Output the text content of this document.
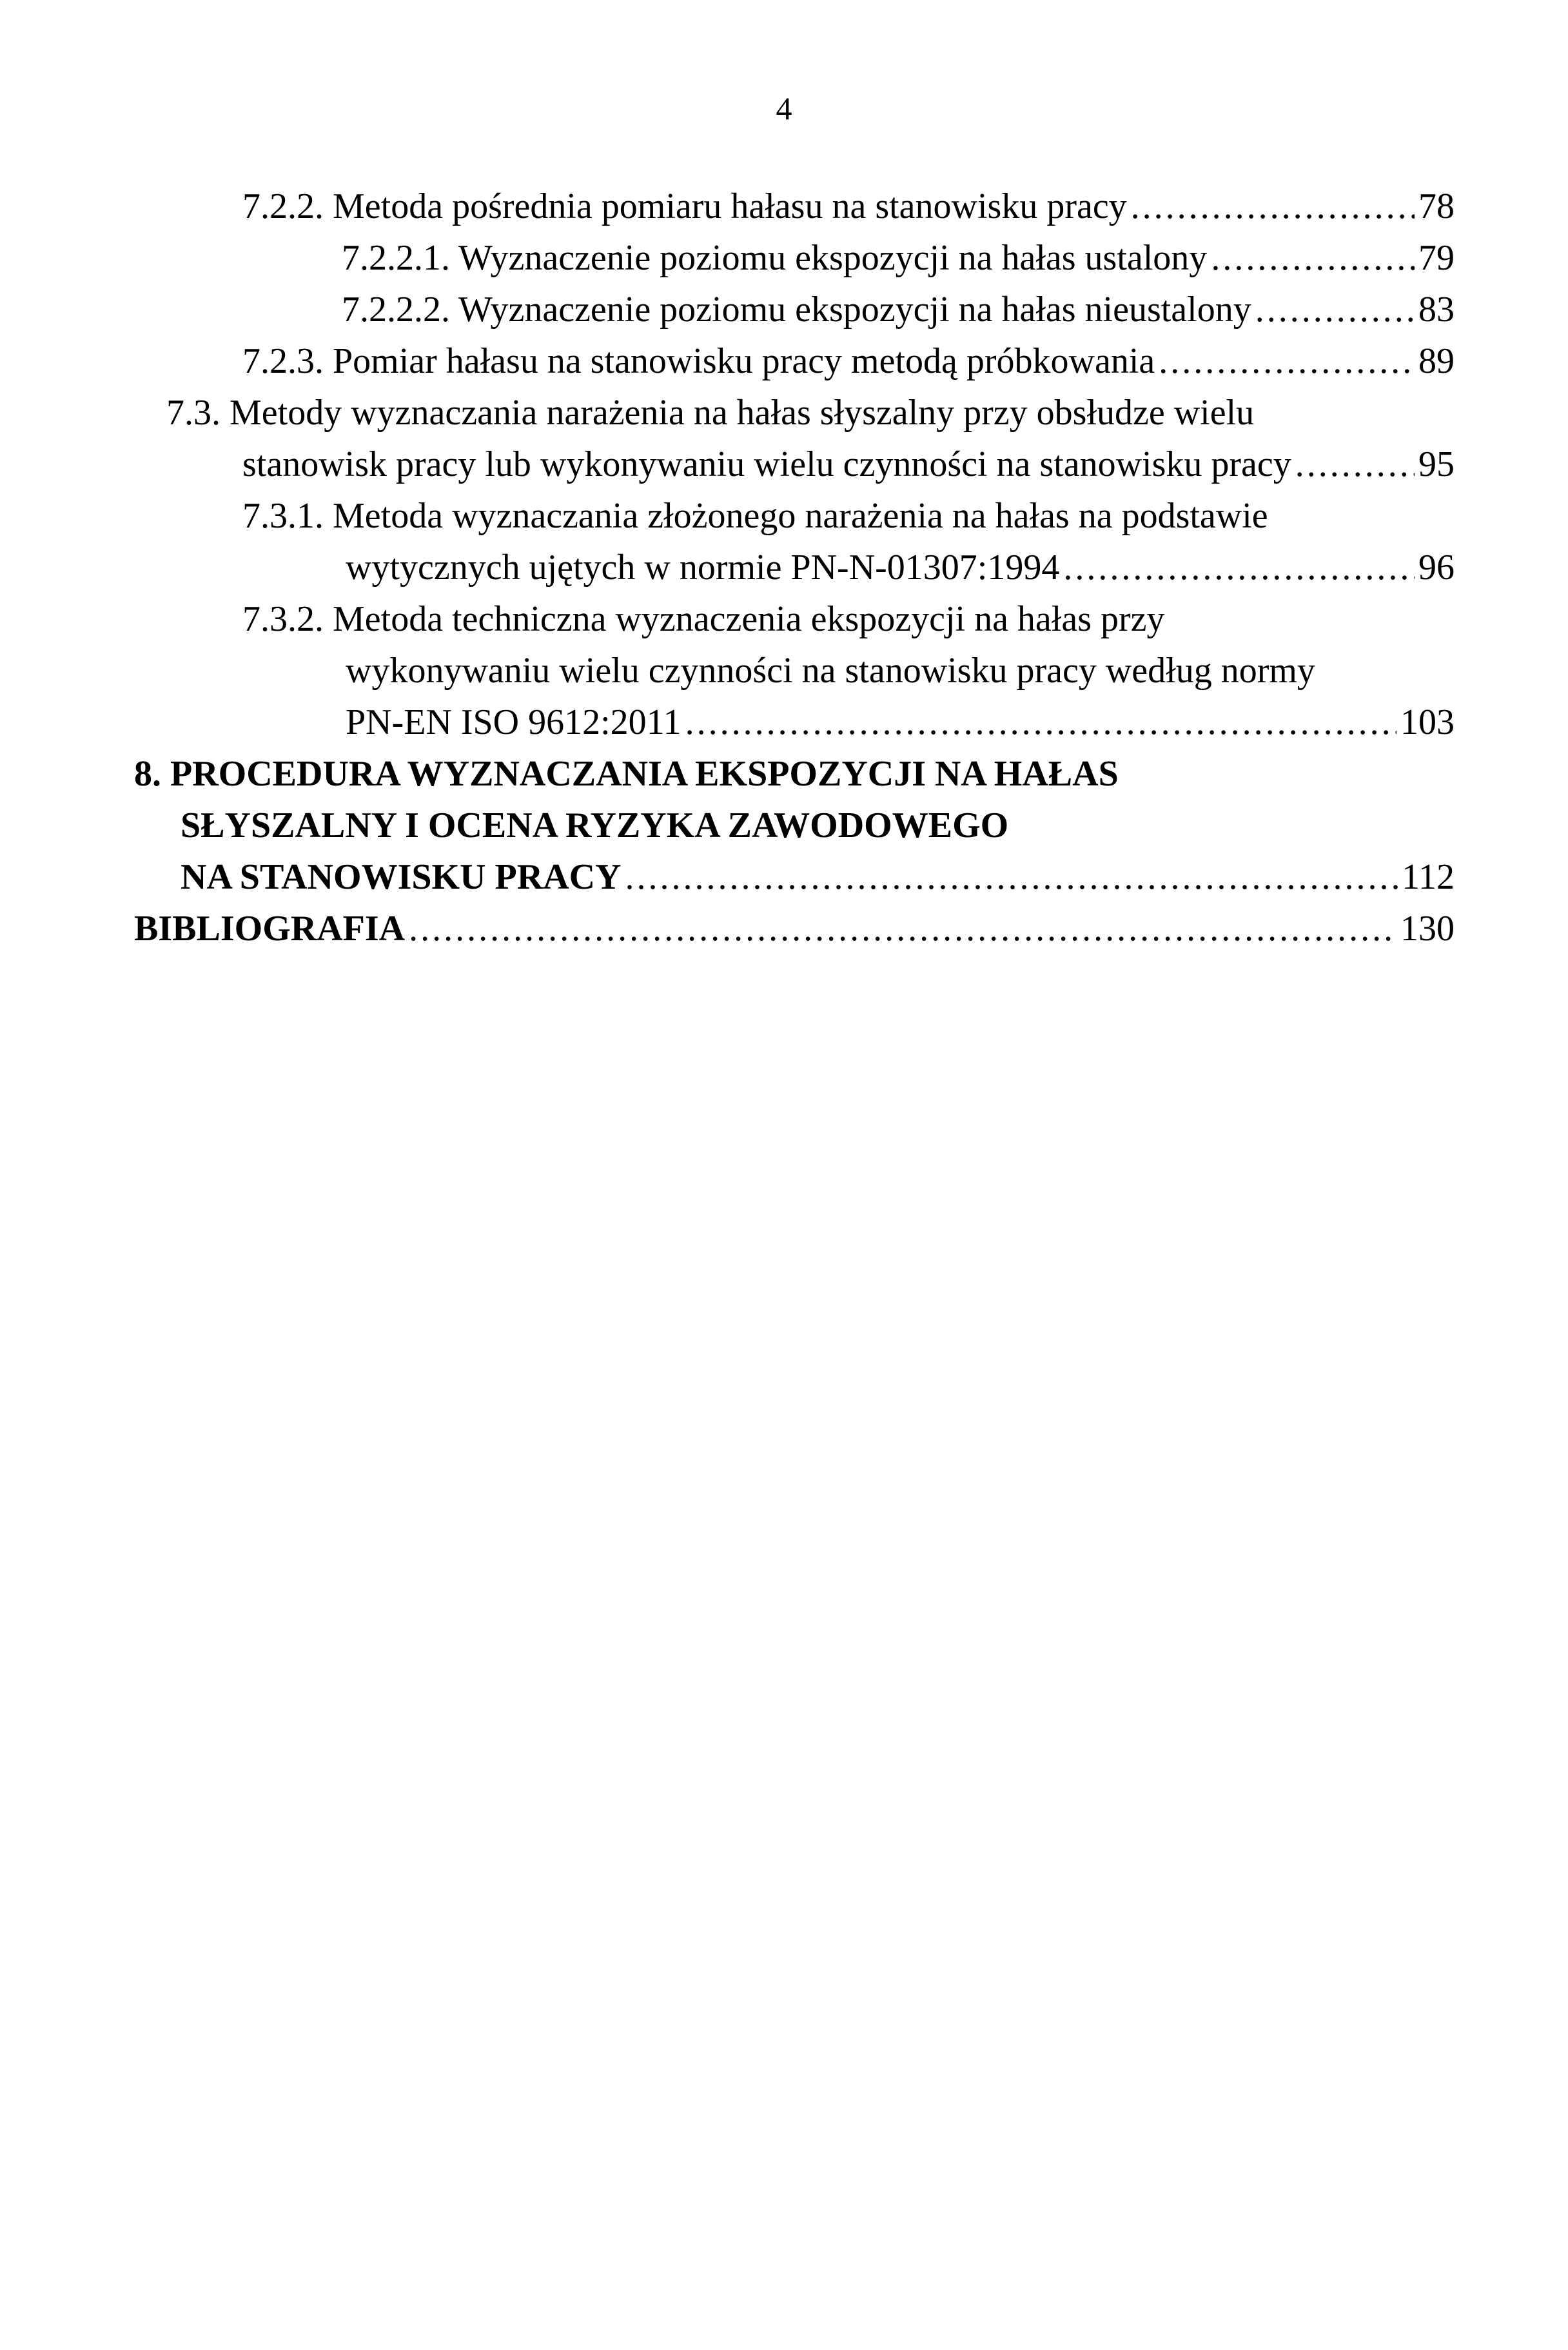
4
7.2.2. Metoda pośrednia pomiaru hałasu na stanowisku pracy .....	78
7.2.2.1. Wyznaczenie poziomu ekspozycji na hałas ustalony .....	79
7.2.2.2. Wyznaczenie poziomu ekspozycji na hałas nieustalony .....	83
7.2.3. Pomiar hałasu na stanowisku pracy metodą próbkowania .....	89
7.3. Metody wyznaczania narażenia na hałas słyszalny przy obsłudze wielu
stanowisk pracy lub wykonywaniu wielu czynności na stanowisku pracy .....	95
7.3.1. Metoda wyznaczania złożonego narażenia na hałas na podstawie
wytycznych ujętych w normie PN-N-01307:1994 .....	96
7.3.2. Metoda techniczna wyznaczenia ekspozycji na hałas przy
wykonywaniu wielu czynności na stanowisku pracy według normy
PN-EN ISO 9612:2011 .....	103
8. PROCEDURA WYZNACZANIA EKSPOZYCJI NA HAŁAS
SŁYSZALNY I OCENA RYZYKA ZAWODOWEGO
NA STANOWISKU PRACY .....	112
BIBLIOGRAFIA .....	130
